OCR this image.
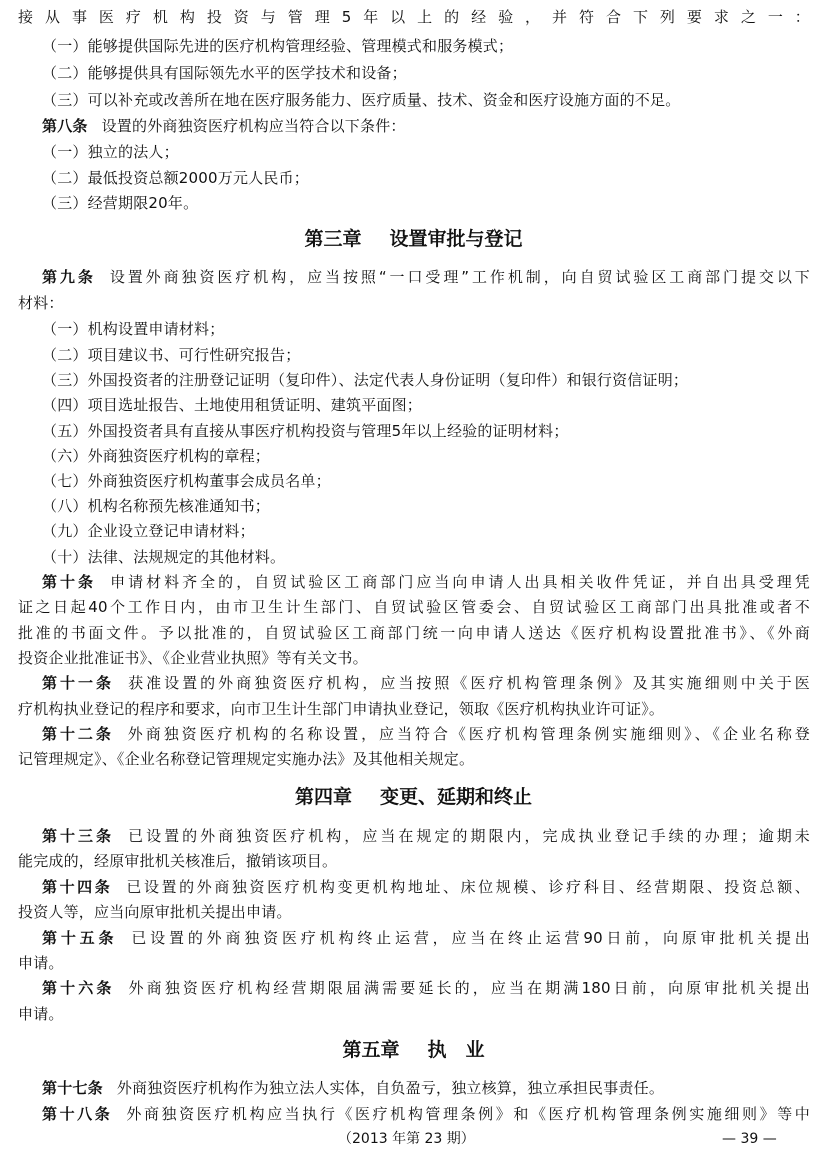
接从事医疗机构投资与管理5年以上的经验，并符合下列要求之一：
（一）能够提供国际先进的医疗机构管理经验、管理模式和服务模式；
（二）能够提供具有国际领先水平的医学技术和设备；
（三）可以补充或改善所在地在医疗服务能力、医疗质量、技术、资金和医疗设施方面的不足。
第八条 设置的外商独资医疗机构应当符合以下条件：
（一）独立的法人；
（二）最低投资总额2000万元人民币；
（三）经营期限20年。
第三章 设置审批与登记
第九条 设置外商独资医疗机构，应当按照“一口受理”工作机制，向自贸试验区工商部门提交以下
材料：
（一）机构设置申请材料；
（二）项目建议书、可行性研究报告；
（三）外国投资者的注册登记证明（复印件）、法定代表人身份证明（复印件）和银行资信证明；
（四）项目选址报告、土地使用租赁证明、建筑平面图；
（五）外国投资者具有直接从事医疗机构投资与管理5年以上经验的证明材料；
（六）外商独资医疗机构的章程；
（七）外商独资医疗机构董事会成员名单；
（八）机构名称预先核准通知书；
（九）企业设立登记申请材料；
（十）法律、法规规定的其他材料。
第十条 申请材料齐全的，自贸试验区工商部门应当向申请人出具相关收件凭证，并自出具受理凭
证之日起40个工作日内，由市卫生计生部门、自贸试验区管委会、自贸试验区工商部门出具批准或者不
批准的书面文件。予以批准的，自贸试验区工商部门统一向申请人送达《医疗机构设置批准书》、《外商
投资企业批准证书》、《企业营业执照》等有关文书。
第十一条 获准设置的外商独资医疗机构，应当按照《医疗机构管理条例》及其实施细则中关于医
疗机构执业登记的程序和要求，向市卫生计生部门申请执业登记，领取《医疗机构执业许可证》。
第十二条 外商独资医疗机构的名称设置，应当符合《医疗机构管理条例实施细则》、《企业名称登
记管理规定》、《企业名称登记管理规定实施办法》及其他相关规定。
第四章 变更、延期和终止
第十三条 已设置的外商独资医疗机构，应当在规定的期限内，完成执业登记手续的办理；逾期未
能完成的，经原审批机关核准后，撤销该项目。
第十四条 已设置的外商独资医疗机构变更机构地址、床位规模、诊疗科目、经营期限、投资总额、
投资人等，应当向原审批机关提出申请。
第十五条 已设置的外商独资医疗机构终止运营，应当在终止运营90日前，向原审批机关提出
申请。
第十六条 外商独资医疗机构经营期限届满需要延长的，应当在期满180日前，向原审批机关提出
申请。
第五章 执　业
第十七条 外商独资医疗机构作为独立法人实体，自负盈亏，独立核算，独立承担民事责任。
第十八条 外商独资医疗机构应当执行《医疗机构管理条例》和《医疗机构管理条例实施细则》等中
（2013 年第 23 期）	— 39 —
